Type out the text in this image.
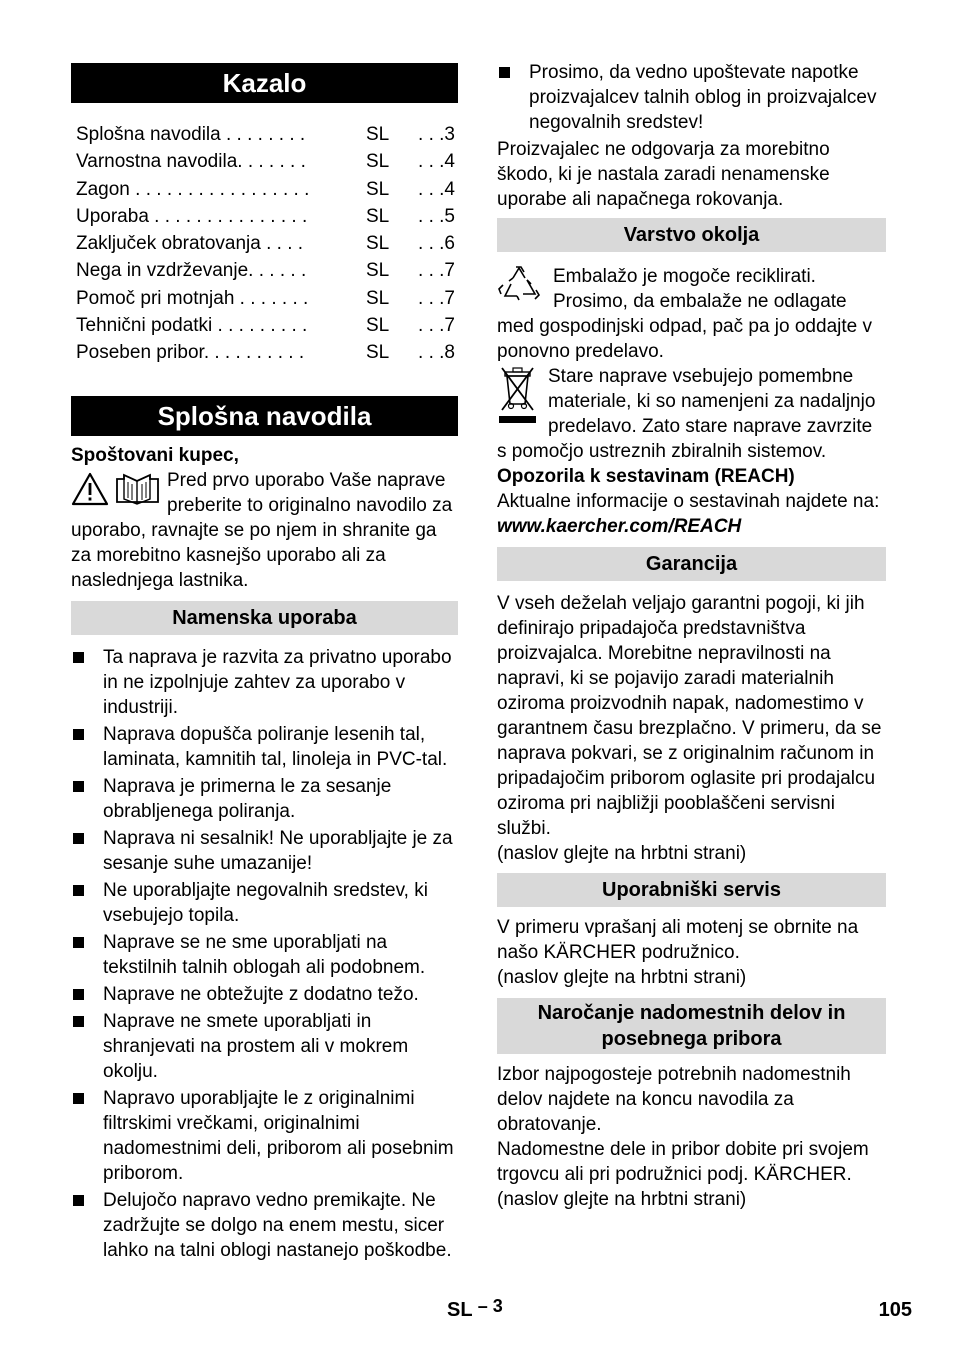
Kazalo
Splošna navodila . . . . . . . .	SL	. . .3
Varnostna navodila. . . . . . .	SL	. . .4
Zagon . . . . . . . . . . . . . . . . .	SL	. . .4
Uporaba . . . . . . . . . . . . . . .	SL	. . .5
Zaključek obratovanja . . . .	SL	. . .6
Nega in vzdrževanje. . . . . .	SL	. . .7
Pomoč pri motnjah . . . . . . .	SL	. . .7
Tehnični podatki . . . . . . . . .	SL	. . .7
Poseben pribor. . . . . . . . . .	SL	. . .8
Splošna navodila

Spoštovani kupec,

Pred prvo uporabo Vaše naprave preberite to originalno navodilo za uporabo, ravnajte se po njem in shranite ga za morebitno kasnejšo uporabo ali za naslednjega lastnika.

Namenska uporaba
Ta naprava je razvita za privatno uporabo in ne izpolnjuje zahtev za uporabo v industriji.
Naprava dopušča poliranje lesenih tal, laminata, kamnitih tal, linoleja in PVC-tal.
Naprava je primerna le za sesanje obrabljenega poliranja.
Naprava ni sesalnik! Ne uporabljajte je za sesanje suhe umazanije!
Ne uporabljajte negovalnih sredstev, ki vsebujejo topila.
Naprave se ne sme uporabljati na tekstilnih talnih oblogah ali podobnem.
Naprave ne obtežujte z dodatno težo.
Naprave ne smete uporabljati in shranjevati na prostem ali v mokrem okolju.
Napravo uporabljajte le z originalnimi filtrskimi vrečkami, originalnimi nadomestnimi deli, priborom ali posebnim priborom.
Delujočo napravo vedno premikajte. Ne zadržujte se dolgo na enem mestu, sicer lahko na talni oblogi nastanejo poškodbe.
Prosimo, da vedno upoštevate napotke proizvajalcev talnih oblog in proizvajalcev negovalnih sredstev!

Proizvajalec ne odgovarja za morebitno škodo, ki je nastala zaradi nenamenske uporabe ali napačnega rokovanja.

Varstvo okolja

Embalažo je mogoče reciklirati. Prosimo, da embalaže ne odlagate med gospodinjski odpad, pač pa jo oddajte v ponovno predelavo.

Stare naprave vsebujejo pomembne materiale, ki so namenjeni za nadaljnjo predelavo. Zato stare naprave zavrzite s pomočjo ustreznih zbiralnih sistemov.

Opozorila k sestavinam (REACH)

Aktualne informacije o sestavinah najdete na:

www.kaercher.com/REACH

Garancija

V vseh deželah veljajo garantni pogoji, ki jih definirajo pripadajoča predstavništva proizvajalca. Morebitne nepravilnosti na napravi, ki se pojavijo zaradi materialnih oziroma proizvodnih napak, nadomestimo v garantnem času brezplačno. V primeru, da se naprava pokvari, se z originalnim računom in pripadajočim priborom oglasite pri prodajalcu oziroma pri najbližji pooblaščeni servisni službi.

(naslov glejte na hrbtni strani)

Uporabniški servis

V primeru vprašanj ali motenj se obrnite na našo KÄRCHER podružnico.

(naslov glejte na hrbtni strani)

Naročanje nadomestnih delov in posebnega pribora

Izbor najpogosteje potrebnih nadomestnih delov najdete na koncu navodila za obratovanje.

Nadomestne dele in pribor dobite pri svojem trgovcu ali pri podružnici podj. KÄRCHER.

(naslov glejte na hrbtni strani)

SL – 3	105
